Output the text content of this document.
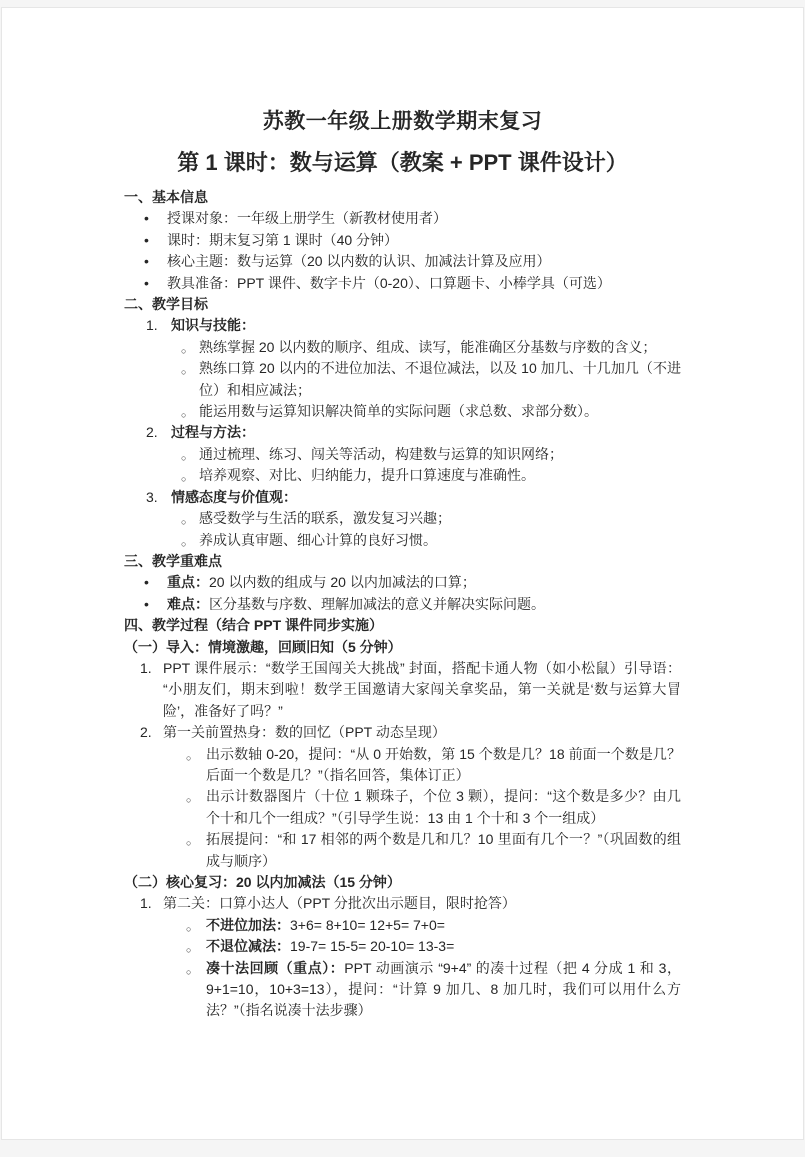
苏教一年级上册数学期末复习
第 1 课时：数与运算（教案 + PPT 课件设计）
一、基本信息
• 授课对象：一年级上册学生（新教材使用者）
• 课时：期末复习第 1 课时（40 分钟）
• 核心主题：数与运算（20 以内数的认识、加减法计算及应用）
• 教具准备：PPT 课件、数字卡片（0-20）、口算题卡、小棒学具（可选）
二、教学目标
1. 知识与技能：
○ 熟练掌握 20 以内数的顺序、组成、读写，能准确区分基数与序数的含义；
○ 熟练口算 20 以内的不进位加法、不退位减法，以及 10 加几、十几加几（不进位）和相应减法；
○ 能运用数与运算知识解决简单的实际问题（求总数、求部分数）。
2. 过程与方法：
○ 通过梳理、练习、闯关等活动，构建数与运算的知识网络；
○ 培养观察、对比、归纳能力，提升口算速度与准确性。
3. 情感态度与价值观：
○ 感受数学与生活的联系，激发复习兴趣；
○ 养成认真审题、细心计算的良好习惯。
三、教学重难点
• 重点：20 以内数的组成与 20 以内加减法的口算；
• 难点：区分基数与序数、理解加减法的意义并解决实际问题。
四、教学过程（结合 PPT 课件同步实施）
（一）导入：情境激趣，回顾旧知（5 分钟）
1. PPT 课件展示：“数学王国闯关大挑战” 封面，搭配卡通人物（如小松鼠）引导语：“小朋友们，期末到啦！数学王国邀请大家闯关拿奖品，第一关就是‘数与运算大冒险’，准备好了吗？”
2. 第一关前置热身：数的回忆（PPT 动态呈现）
○ 出示数轴 0-20，提问：“从 0 开始数，第 15 个数是几？18 前面一个数是几？后面一个数是几？”（指名回答，集体订正）
○ 出示计数器图片（十位 1 颗珠子，个位 3 颗），提问：“这个数是多少？由几个十和几个一组成？”（引导学生说：13 由 1 个十和 3 个一组成）
○ 拓展提问：“和 17 相邻的两个数是几和几？10 里面有几个一？”（巩固数的组成与顺序）
（二）核心复习：20 以内加减法（15 分钟）
1. 第二关：口算小达人（PPT 分批次出示题目，限时抢答）
○ 不进位加法：3+6= 8+10= 12+5= 7+0=
○ 不退位减法：19-7= 15-5= 20-10= 13-3=
○ 凑十法回顾（重点）：PPT 动画演示 “9+4” 的凑十过程（把 4 分成 1 和 3，9+1=10，10+3=13），提问：“计算 9 加几、8 加几时，我们可以用什么方法？”（指名说凑十法步骤）
